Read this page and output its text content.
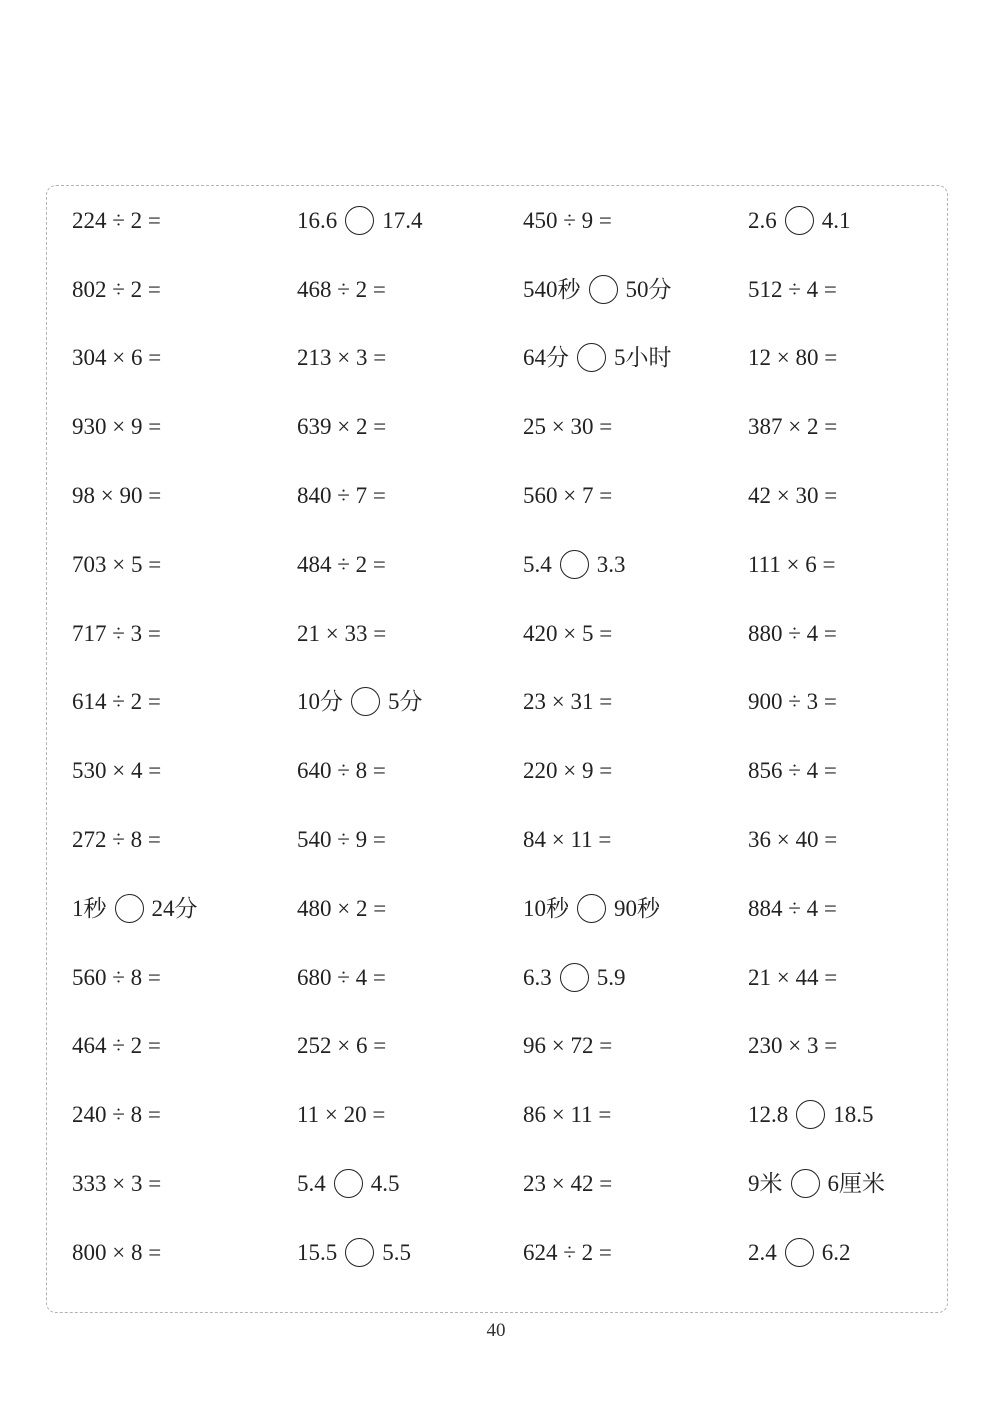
224 ÷ 2 =	16.6 17.4	450 ÷ 9 =	2.6 4.1
802 ÷ 2 =	468 ÷ 2 =	540秒 50分	512 ÷ 4 =
304 × 6 =	213 × 3 =	64分 5小时	12 × 80 =
930 × 9 =	639 × 2 =	25 × 30 =	387 × 2 =
98 × 90 =	840 ÷ 7 =	560 × 7 =	42 × 30 =
703 × 5 =	484 ÷ 2 =	5.4 3.3	111 × 6 =
717 ÷ 3 =	21 × 33 =	420 × 5 =	880 ÷ 4 =
614 ÷ 2 =	10分 5分	23 × 31 =	900 ÷ 3 =
530 × 4 =	640 ÷ 8 =	220 × 9 =	856 ÷ 4 =
272 ÷ 8 =	540 ÷ 9 =	84 × 11 =	36 × 40 =
1秒 24分	480 × 2 =	10秒 90秒	884 ÷ 4 =
560 ÷ 8 =	680 ÷ 4 =	6.3 5.9	21 × 44 =
464 ÷ 2 =	252 × 6 =	96 × 72 =	230 × 3 =
240 ÷ 8 =	11 × 20 =	86 × 11 =	12.8 18.5
333 × 3 =	5.4 4.5	23 × 42 =	9米 6厘米
800 × 8 =	15.5 5.5	624 ÷ 2 =	2.4 6.2
40
